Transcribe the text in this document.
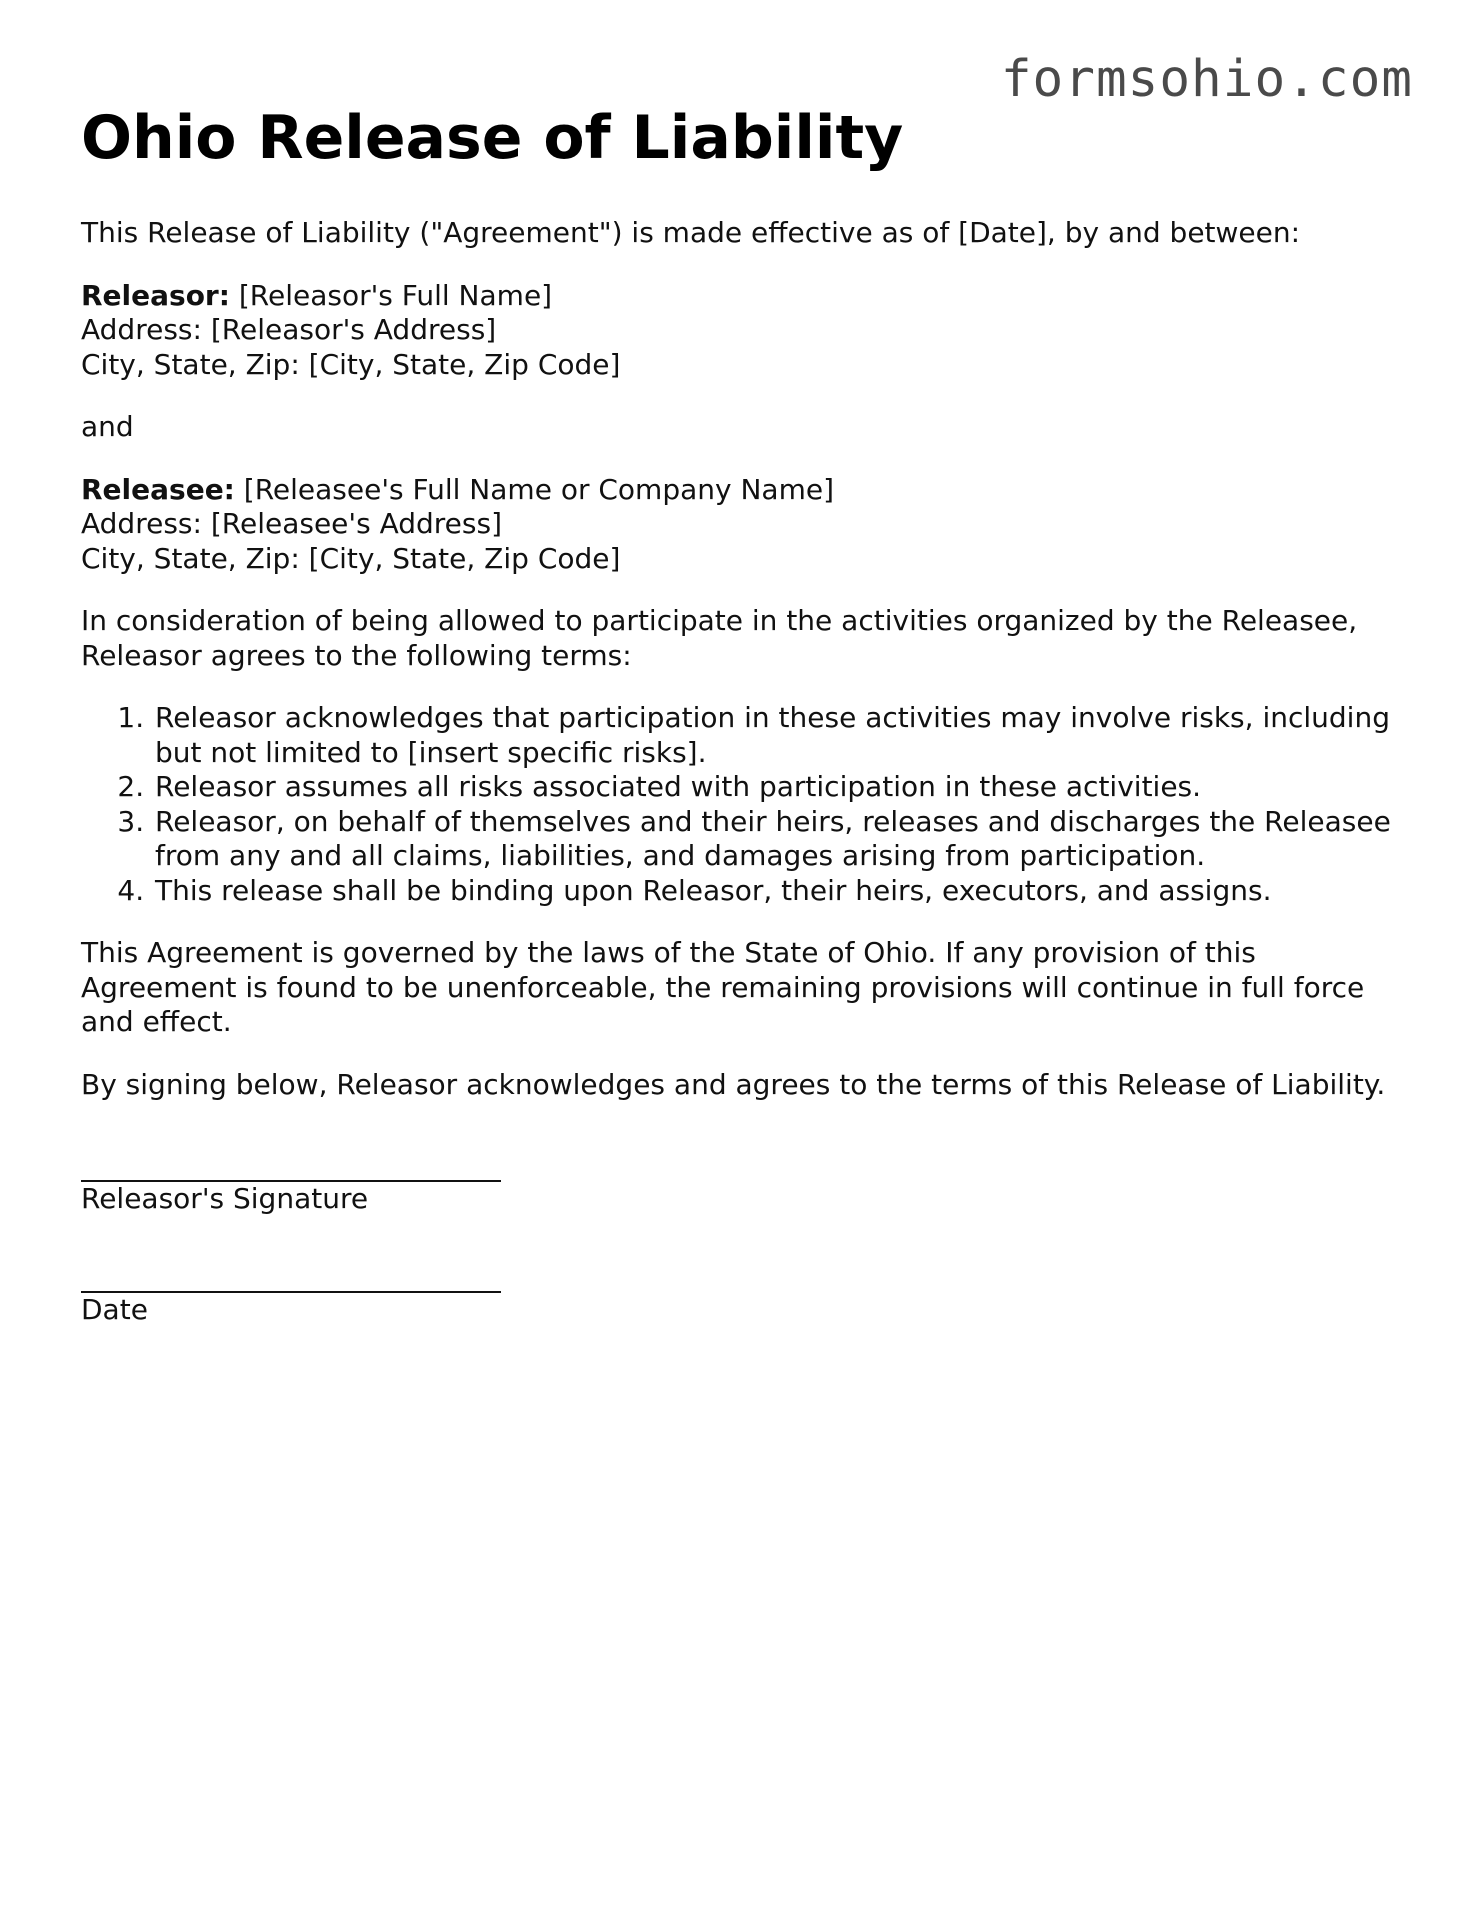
formsohio.com
Ohio Release of Liability

This Release of Liability ("Agreement") is made effective as of [Date], by and between:

Releasor: [Releasor's Full Name]
Address: [Releasor's Address]
City, State, Zip: [City, State, Zip Code]

and

Releasee: [Releasee's Full Name or Company Name]
Address: [Releasee's Address]
City, State, Zip: [City, State, Zip Code]

In consideration of being allowed to participate in the activities organized by the Releasee, Releasor agrees to the following terms:

1. Releasor acknowledges that participation in these activities may involve risks, including but not limited to [insert specific risks].
2. Releasor assumes all risks associated with participation in these activities.
3. Releasor, on behalf of themselves and their heirs, releases and discharges the Releasee from any and all claims, liabilities, and damages arising from participation.
4. This release shall be binding upon Releasor, their heirs, executors, and assigns.

This Agreement is governed by the laws of the State of Ohio. If any provision of this Agreement is found to be unenforceable, the remaining provisions will continue in full force and effect.

By signing below, Releasor acknowledges and agrees to the terms of this Release of Liability.

Releasor's Signature

Date
